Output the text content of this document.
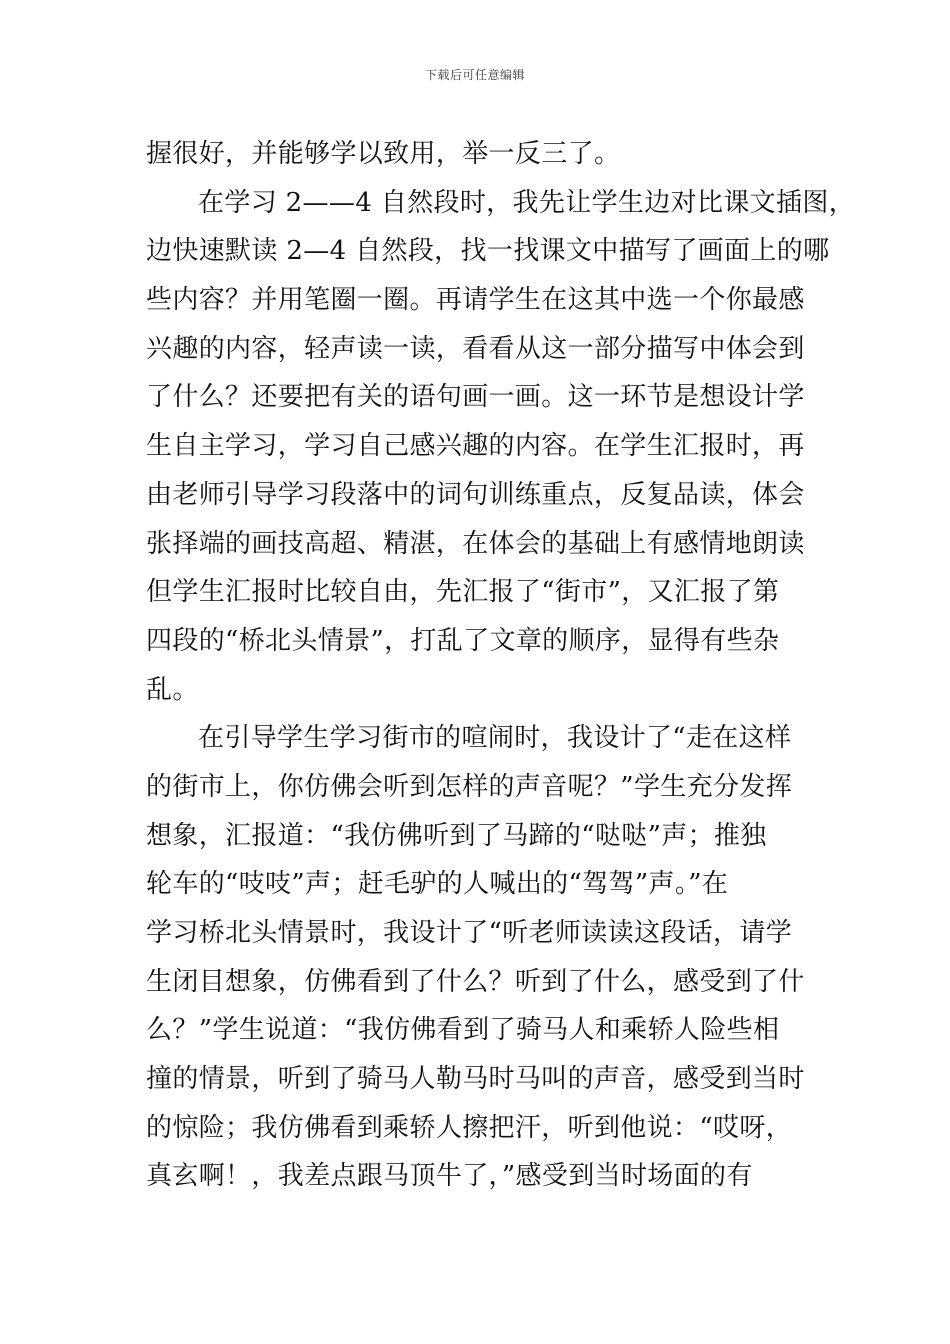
下载后可任意编辑
握很好，并能够学以致用，举一反三了。
在学习 2——4 自然段时，我先让学生边对比课文插图，
边快速默读 2—4 自然段，找一找课文中描写了画面上的哪
些内容？并用笔圈一圈。再请学生在这其中选一个你最感
兴趣的内容，轻声读一读，看看从这一部分描写中体会到
了什么？还要把有关的语句画一画。这一环节是想设计学
生自主学习，学习自己感兴趣的内容。在学生汇报时，再
由老师引导学习段落中的词句训练重点，反复品读，体会
张择端的画技高超、精湛，在体会的基础上有感情地朗读
但学生汇报时比较自由，先汇报了“街市”，又汇报了第
四段的“桥北头情景”，打乱了文章的顺序，显得有些杂
乱。
在引导学生学习街市的喧闹时，我设计了“走在这样
的街市上，你仿佛会听到怎样的声音呢？”学生充分发挥
想象，汇报道：“我仿佛听到了马蹄的“哒哒”声；推独
轮车的“吱吱”声；赶毛驴的人喊出的“驾驾”声。”在
学习桥北头情景时，我设计了“听老师读读这段话，请学
生闭目想象，仿佛看到了什么？听到了什么，感受到了什
么？”学生说道：“我仿佛看到了骑马人和乘轿人险些相
撞的情景，听到了骑马人勒马时马叫的声音，感受到当时
的惊险；我仿佛看到乘轿人擦把汗，听到他说：“哎呀，
真玄啊！，我差点跟马顶牛了，”感受到当时场面的有
